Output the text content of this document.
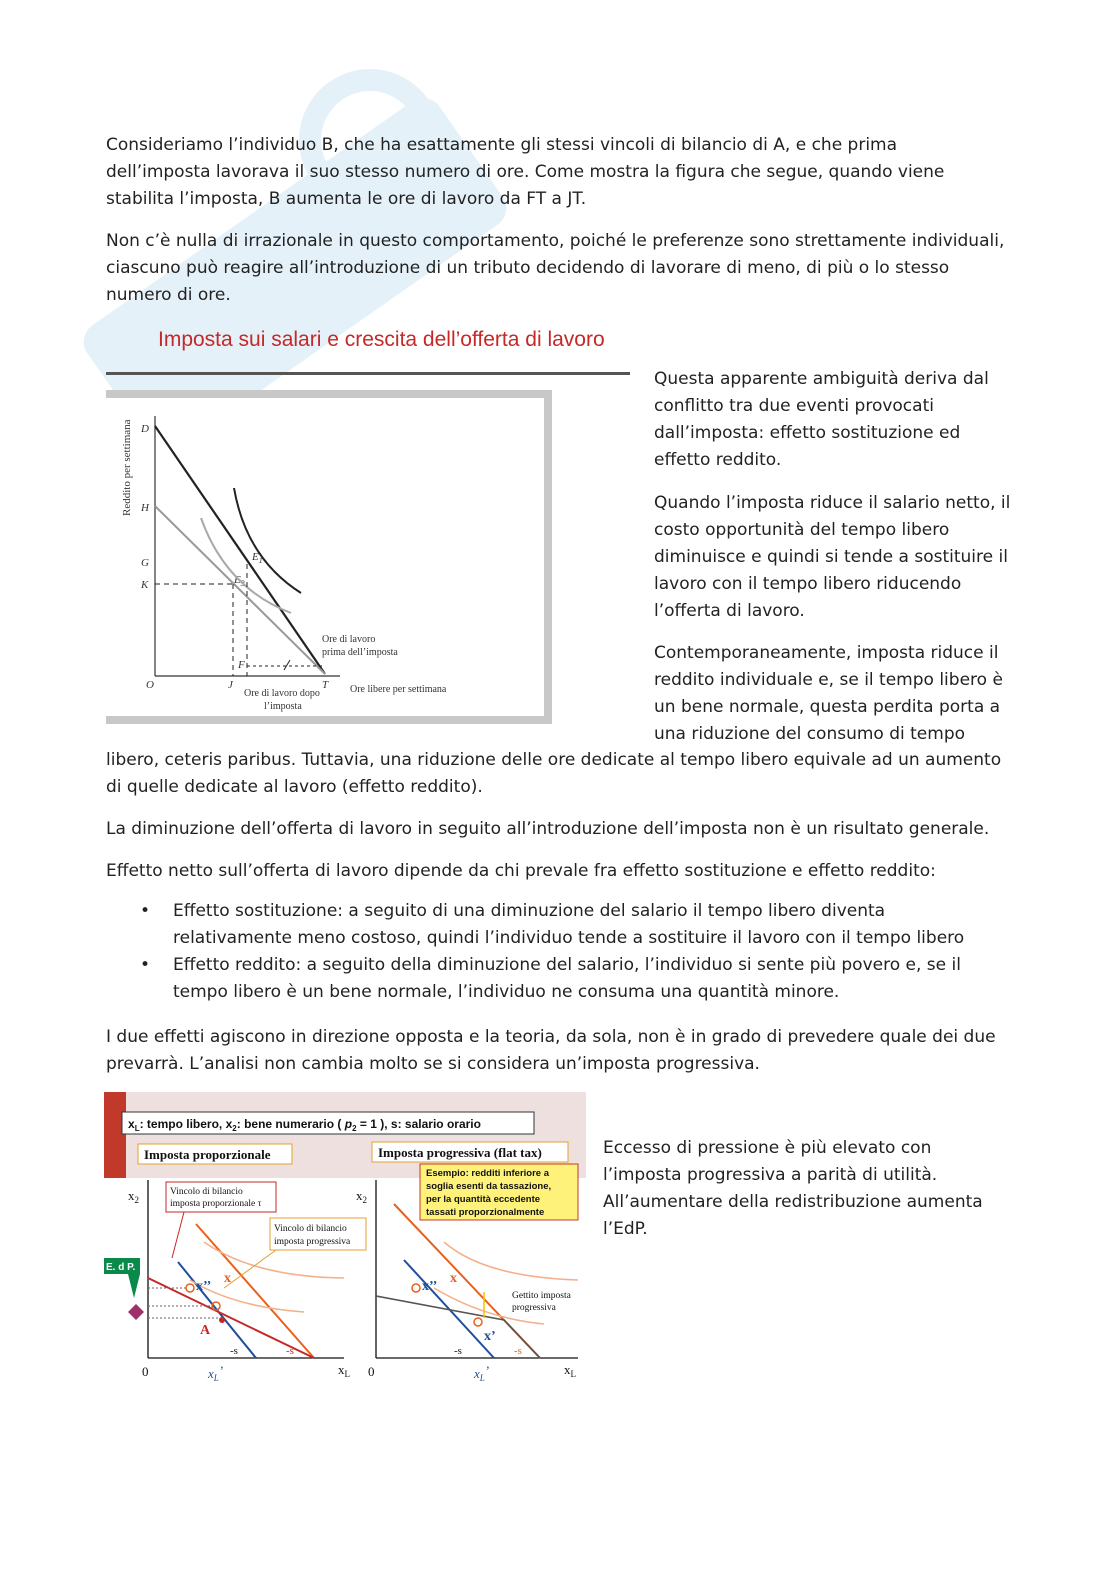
Consideriamo l’individuo B, che ha esattamente gli stessi vincoli di bilancio di A, e che prima dell’imposta lavorava il suo stesso numero di ore. Come mostra la figura che segue, quando viene stabilita l’imposta, B aumenta le ore di lavoro da FT a JT.

Non c’è nulla di irrazionale in questo comportamento, poiché le preferenze sono strettamente individuali, ciascuno può reagire all’introduzione di un tributo decidendo di lavorare di meno, di più o lo stesso numero di ore.

Imposta sui salari e crescita dell’offerta di lavoro
Reddito per settimana D
H
G
K
O	J
F
T
$E_1$
$E_3$
Ore di lavoro
prima dell’imposta
Ore di lavoro dopo
l’imposta
Ore libere per settimana

Questa apparente ambiguità deriva dal conflitto tra due eventi provocati dall’imposta: effetto sostituzione ed effetto reddito.

Quando l’imposta riduce il salario netto, il costo opportunità del tempo libero diminuisce e quindi si tende a sostituire il lavoro con il tempo libero riducendo l’offerta di lavoro.

Contemporaneamente, imposta riduce il reddito individuale e, se il tempo libero è un bene normale, questa perdita porta a una riduzione del consumo di tempo

libero, ceteris paribus. Tuttavia, una riduzione delle ore dedicate al tempo libero equivale ad un aumento di quelle dedicate al lavoro (effetto reddito).

La diminuzione dell’offerta di lavoro in seguito all’introduzione dell’imposta non è un risultato generale.

Effetto netto sull’offerta di lavoro dipende da chi prevale fra effetto sostituzione e effetto reddito:

• Effetto sostituzione: a seguito di una diminuzione del salario il tempo libero diventa relativamente meno costoso, quindi l’individuo tende a sostituire il lavoro con il tempo libero
• Effetto reddito: a seguito della diminuzione del salario, l’individuo si sente più povero e, se il tempo libero è un bene normale, l’individuo ne consuma una quantità minore.

I due effetti agiscono in direzione opposta e la teoria, da sola, non è in grado di prevedere quale dei due prevarrà. L’analisi non cambia molto se si considera un’imposta progressiva.

$x_L$: tempo libero, $x_2$: bene numerario ( $p_2 = 1$ ), s: salario orario
Imposta proporzionale	Imposta progressiva (flat tax)
$x_2$
$x_L$
0	$x_L$’
x’’
x
A
-s	-s
E. d P.
Vincolo di bilancio
imposta proporzionale τ
Vincolo di bilancio
imposta progressiva
$x_2$
$x_L$
0	$x_L$’
x’’
x
x’
-s	-s
Gettito imposta
progressiva
Esempio: redditi inferiore a
soglia esenti da tassazione,
per la quantità eccedente
tassati proporzionalmente

Eccesso di pressione è più elevato con l’imposta progressiva a parità di utilità. All’aumentare della redistribuzione aumenta l’EdP.
